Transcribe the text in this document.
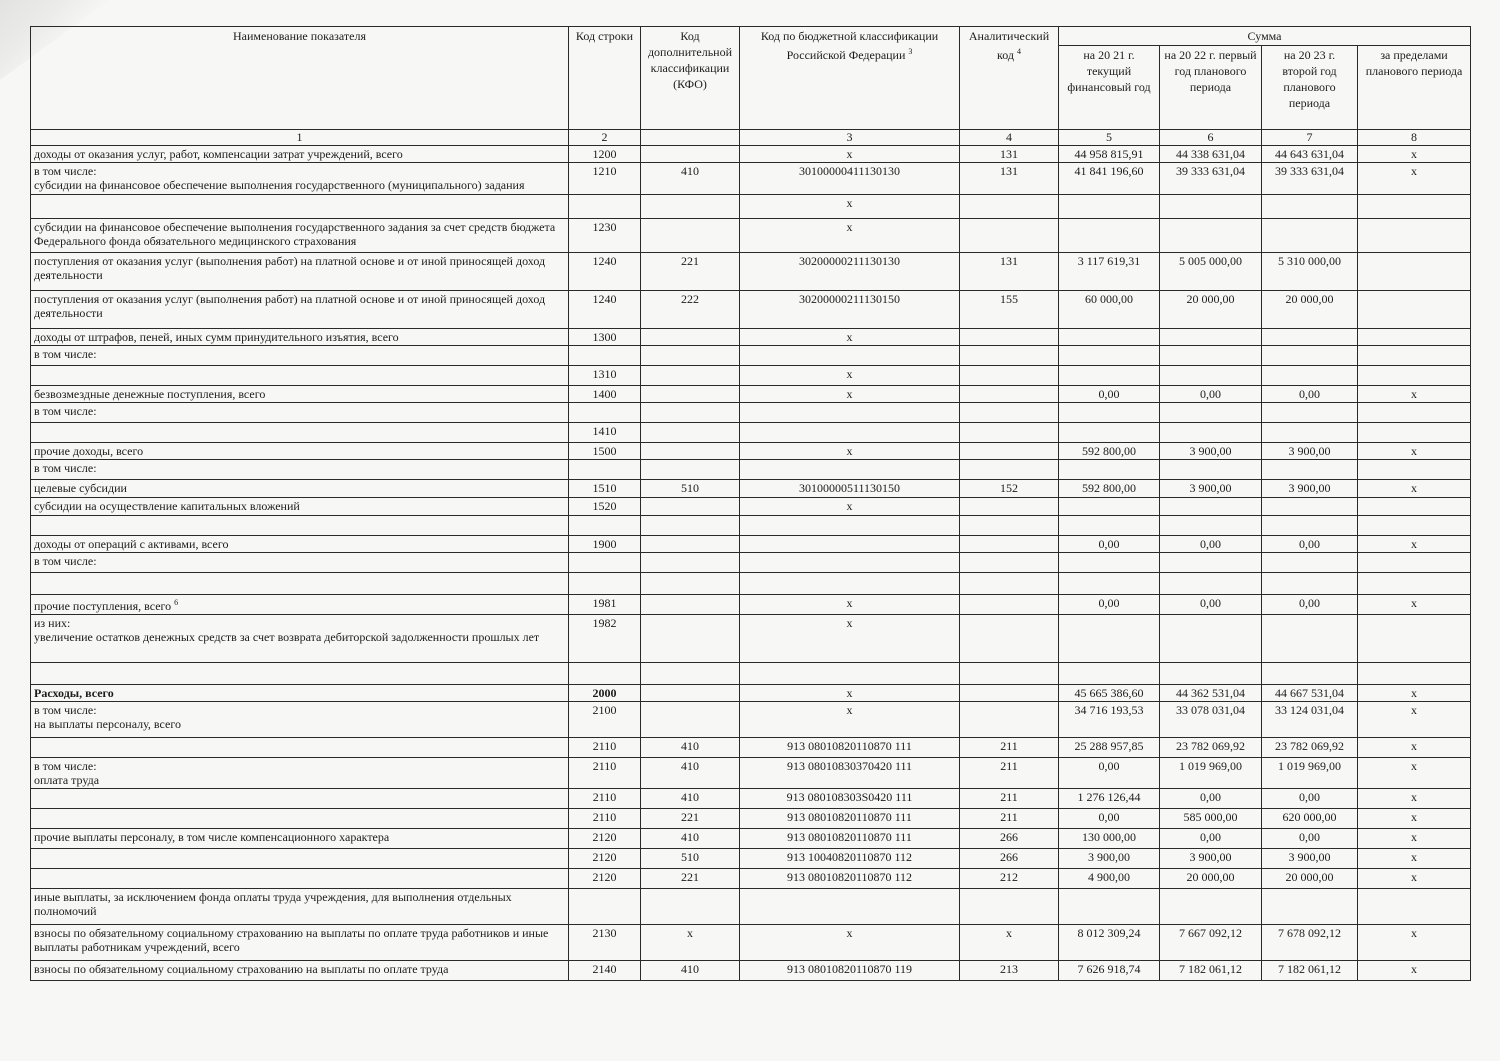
Наименование показателя	Код строки	Код дополнительной классификации (КФО)	Код по бюджетной классификации Российской Федерации $^3$	Аналитический код $^4$	Сумма			
					на 20 21 г. текущий финансовый год	на 20 22 г. первый год планового периода	на 20 23 г. второй год планового периода	за пределами планового периода
1	2		3	4	5	6	7	8
доходы от оказания услуг, работ, компенсации затрат учреждений, всего	1200		х	131	44 958 815,91	44 338 631,04	44 643 631,04	х
в том числе:
субсидии на финансовое обеспечение выполнения государственного (муниципального) задания	1210	410	30100000411130130	131	41 841 196,60	39 333 631,04	39 333 631,04	х
			х					
субсидии на финансовое обеспечение выполнения государственного задания за счет средств бюджета Федерального фонда обязательного медицинского страхования	1230		х					
поступления от оказания услуг (выполнения работ) на платной основе и от иной приносящей доход деятельности	1240	221	30200000211130130	131	3 117 619,31	5 005 000,00	5 310 000,00	
поступления от оказания услуг (выполнения работ) на платной основе и от иной приносящей доход деятельности	1240	222	30200000211130150	155	60 000,00	20 000,00	20 000,00	
доходы от штрафов, пеней, иных сумм принудительного изъятия, всего	1300		х					
в том числе:								
	1310		х					
безвозмездные денежные поступления, всего	1400		х		0,00	0,00	0,00	х
в том числе:								
	1410							
прочие доходы, всего	1500		х		592 800,00	3 900,00	3 900,00	х
в том числе:								
целевые субсидии	1510	510	30100000511130150	152	592 800,00	3 900,00	3 900,00	х
субсидии на осуществление капитальных вложений	1520		х					

доходы от операций с активами, всего	1900				0,00	0,00	0,00	х
в том числе:								

прочие поступления, всего $^6$	1981		х		0,00	0,00	0,00	х
из них:
увеличение остатков денежных средств за счет возврата дебиторской задолженности прошлых лет	1982		х					

Расходы, всего	2000		х		45 665 386,60	44 362 531,04	44 667 531,04	х
в том числе:
на выплаты персоналу, всего	2100		х		34 716 193,53	33 078 031,04	33 124 031,04	х
	2110	410	913 08010820110870 111	211	25 288 957,85	23 782 069,92	23 782 069,92	х
в том числе:
оплата труда	2110	410	913 08010830370420 111	211	0,00	1 019 969,00	1 019 969,00	х
	2110	410	913 080108303S0420 111	211	1 276 126,44	0,00	0,00	х
	2110	221	913 08010820110870 111	211	0,00	585 000,00	620 000,00	х
прочие выплаты персоналу, в том числе компенсационного характера	2120	410	913 08010820110870 111	266	130 000,00	0,00	0,00	х
	2120	510	913 10040820110870 112	266	3 900,00	3 900,00	3 900,00	х
	2120	221	913 08010820110870 112	212	4 900,00	20 000,00	20 000,00	х
иные выплаты, за исключением фонда оплаты труда учреждения, для выполнения отдельных полномочий								
взносы по обязательному социальному страхованию на выплаты по оплате труда работников и иные выплаты работникам учреждений, всего	2130	х	х	х	8 012 309,24	7 667 092,12	7 678 092,12	х
взносы по обязательному социальному страхованию на выплаты по оплате труда	2140	410	913 08010820110870 119	213	7 626 918,74	7 182 061,12	7 182 061,12	х
